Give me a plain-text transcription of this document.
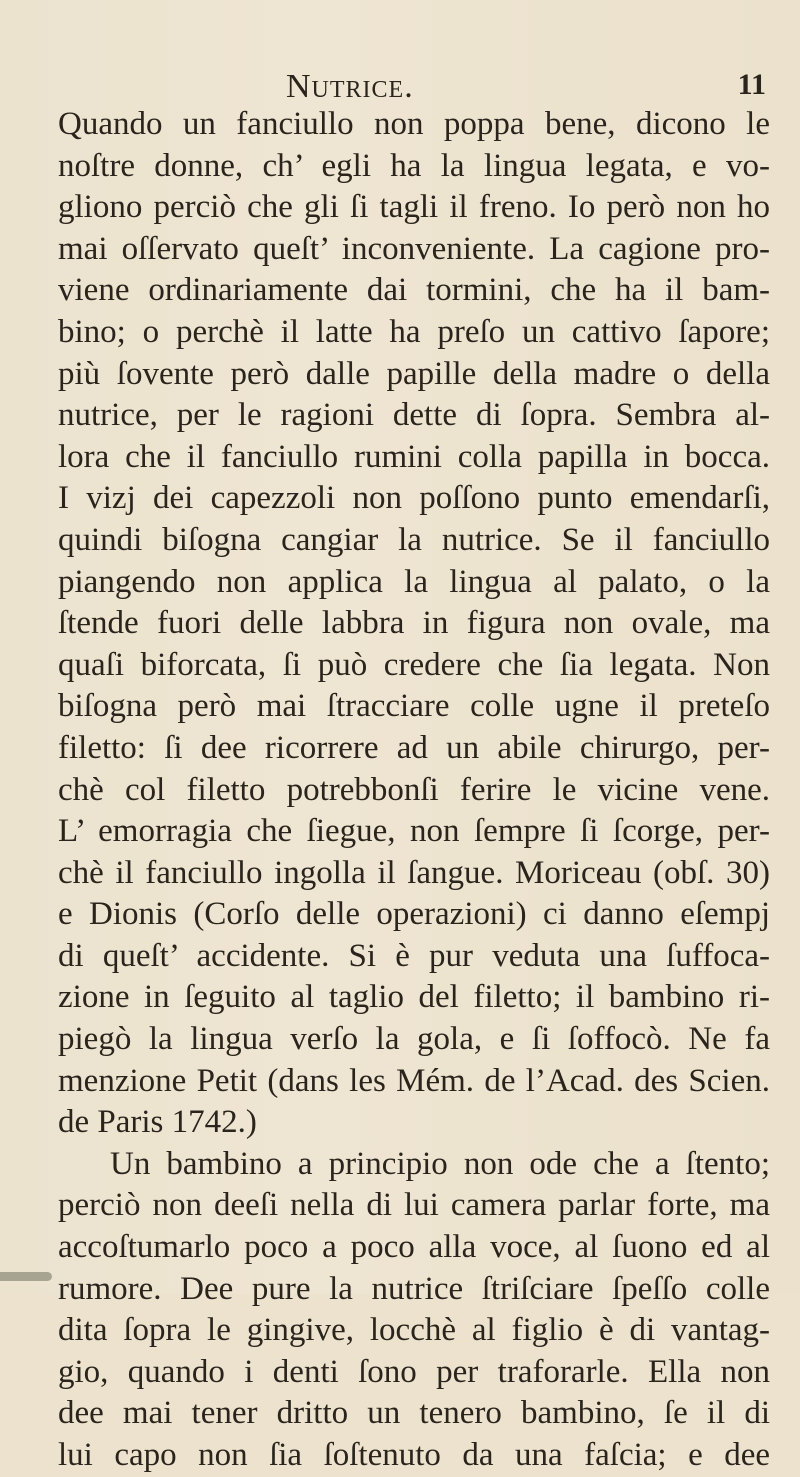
Nutrice.	11
Quando un fanciullo non poppa bene, dicono le
noſtre donne, ch’ egli ha la lingua legata, e vo-
gliono perciò che gli ſi tagli il freno. Io però non ho
mai oſſervato queſt’ inconveniente. La cagione pro-
viene ordinariamente dai tormini, che ha il bam-
bino; o perchè il latte ha preſo un cattivo ſapore;
più ſovente però dalle papille della madre o della
nutrice, per le ragioni dette di ſopra. Sembra al-
lora che il fanciullo rumini colla papilla in bocca.
I vizj dei capezzoli non poſſono punto emendarſi,
quindi biſogna cangiar la nutrice. Se il fanciullo
piangendo non applica la lingua al palato, o la
ſtende fuori delle labbra in figura non ovale, ma
quaſi biforcata, ſi può credere che ſia legata. Non
biſogna però mai ſtracciare colle ugne il preteſo
filetto: ſi dee ricorrere ad un abile chirurgo, per-
chè col filetto potrebbonſi ferire le vicine vene.
L’ emorragia che ſiegue, non ſempre ſi ſcorge, per-
chè il fanciullo ingolla il ſangue. Moriceau (obſ. 30)
e Dionis (Corſo delle operazioni) ci danno eſempj
di queſt’ accidente. Si è pur veduta una ſuffoca-
zione in ſeguito al taglio del filetto; il bambino ri-
piegò la lingua verſo la gola, e ſi ſoffocò. Ne fa
menzione Petit (dans les Mém. de l’Acad. des Scien.
de Paris 1742.)
Un bambino a principio non ode che a ſtento;
perciò non deeſi nella di lui camera parlar forte, ma
accoſtumarlo poco a poco alla voce, al ſuono ed al
rumore. Dee pure la nutrice ſtriſciare ſpeſſo colle
dita ſopra le gingive, locchè al figlio è di vantag-
gio, quando i denti ſono per traforarle. Ella non
dee mai tener dritto un tenero bambino, ſe il di
lui capo non ſia ſoſtenuto da una faſcia; e dee
